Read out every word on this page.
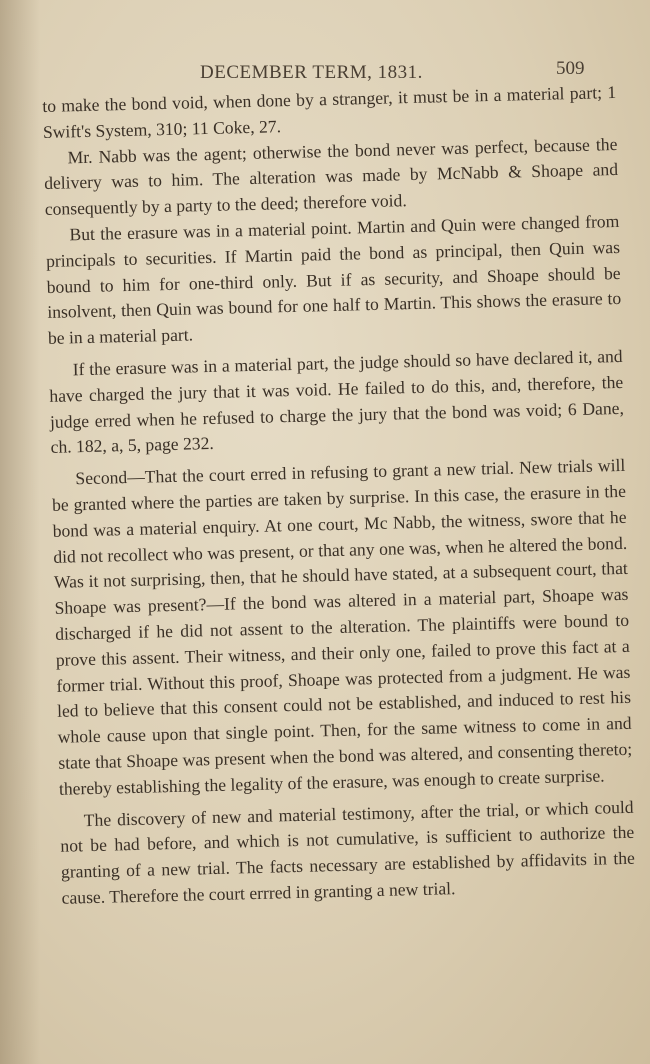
DECEMBER TERM, 1831.	509

to make the bond void, when done by a stranger, it must be in a material part; 1 Swift's System, 310; 11 Coke, 27.

Mr. Nabb was the agent; otherwise the bond never was perfect, because the delivery was to him. The alteration was made by McNabb & Shoape and consequently by a party to the deed; therefore void.

But the erasure was in a material point. Martin and Quin were changed from principals to securities. If Martin paid the bond as principal, then Quin was bound to him for one-third only. But if as security, and Shoape should be insolvent, then Quin was bound for one half to Martin. This shows the erasure to be in a material part.

If the erasure was in a material part, the judge should so have declared it, and have charged the jury that it was void. He failed to do this, and, therefore, the judge erred when he refused to charge the jury that the bond was void; 6 Dane, ch. 182, a, 5, page 232.

Second—That the court erred in refusing to grant a new trial. New trials will be granted where the parties are taken by surprise. In this case, the erasure in the bond was a material enquiry. At one court, Mc Nabb, the witness, swore that he did not recollect who was present, or that any one was, when he altered the bond. Was it not surprising, then, that he should have stated, at a subsequent court, that Shoape was present?—If the bond was altered in a material part, Shoape was discharged if he did not assent to the alteration. The plaintiffs were bound to prove this assent. Their witness, and their only one, failed to prove this fact at a former trial. Without this proof, Shoape was protected from a judgment. He was led to believe that this consent could not be established, and induced to rest his whole cause upon that single point. Then, for the same witness to come in and state that Shoape was present when the bond was altered, and consenting thereto; thereby establishing the legality of the erasure, was enough to create surprise.

The discovery of new and material testimony, after the trial, or which could not be had before, and which is not cumulative, is sufficient to authorize the granting of a new trial. The facts necessary are established by affidavits in the cause. Therefore the court errred in granting a new trial.
